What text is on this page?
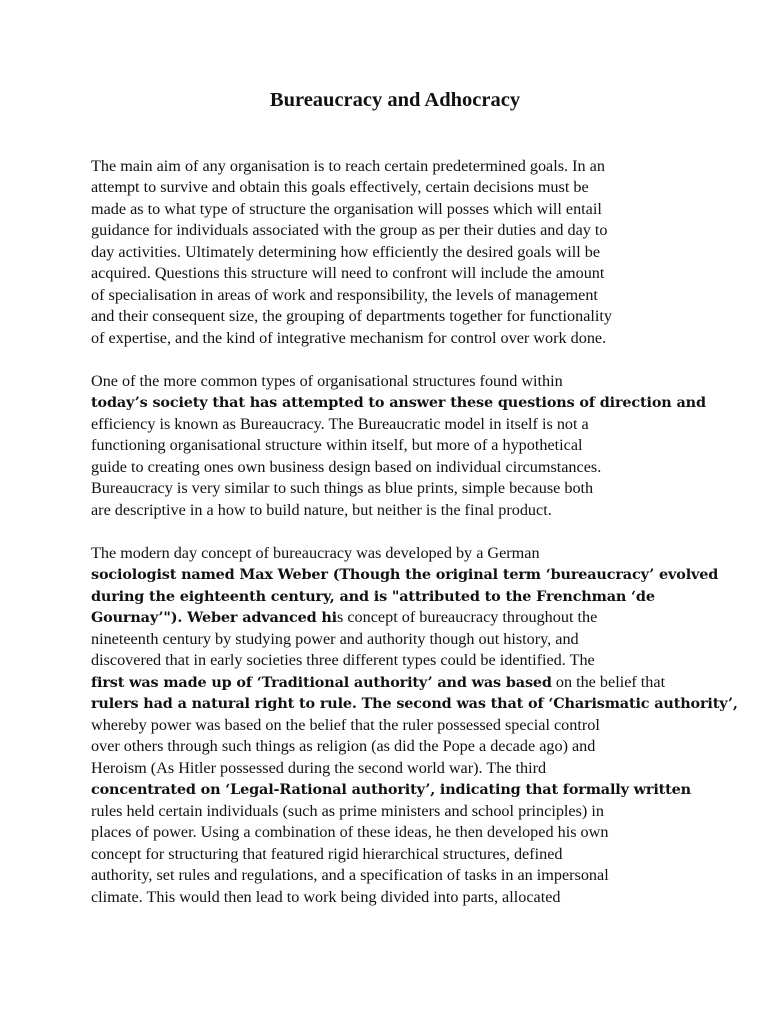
Bureaucracy and Adhocracy

The main aim of any organisation is to reach certain predetermined goals. In an
attempt to survive and obtain this goals effectively, certain decisions must be
made as to what type of structure the organisation will posses which will entail
guidance for individuals associated with the group as per their duties and day to
day activities. Ultimately determining how efficiently the desired goals will be
acquired. Questions this structure will need to confront will include the amount
of specialisation in areas of work and responsibility, the levels of management
and their consequent size, the grouping of departments together for functionality
of expertise, and the kind of integrative mechanism for control over work done.

One of the more common types of organisational structures found within
today’s society that has attempted to answer these questions of direction and
efficiency is known as Bureaucracy. The Bureaucratic model in itself is not a
functioning organisational structure within itself, but more of a hypothetical
guide to creating ones own business design based on individual circumstances.
Bureaucracy is very similar to such things as blue prints, simple because both
are descriptive in a how to build nature, but neither is the final product.

The modern day concept of bureaucracy was developed by a German
sociologist named Max Weber (Though the original term ‘bureaucracy’ evolved
during the eighteenth century, and is "attributed to the Frenchman ‘de
Gournay’"). Weber advanced his concept of bureaucracy throughout the
nineteenth century by studying power and authority though out history, and
discovered that in early societies three different types could be identified. The
first was made up of ‘Traditional authority’ and was based on the belief that
rulers had a natural right to rule. The second was that of ‘Charismatic authority’,
whereby power was based on the belief that the ruler possessed special control
over others through such things as religion (as did the Pope a decade ago) and
Heroism (As Hitler possessed during the second world war). The third
concentrated on ‘Legal-Rational authority’, indicating that formally written
rules held certain individuals (such as prime ministers and school principles) in
places of power. Using a combination of these ideas, he then developed his own
concept for structuring that featured rigid hierarchical structures, defined
authority, set rules and regulations, and a specification of tasks in an impersonal
climate. This would then lead to work being divided into parts, allocated
